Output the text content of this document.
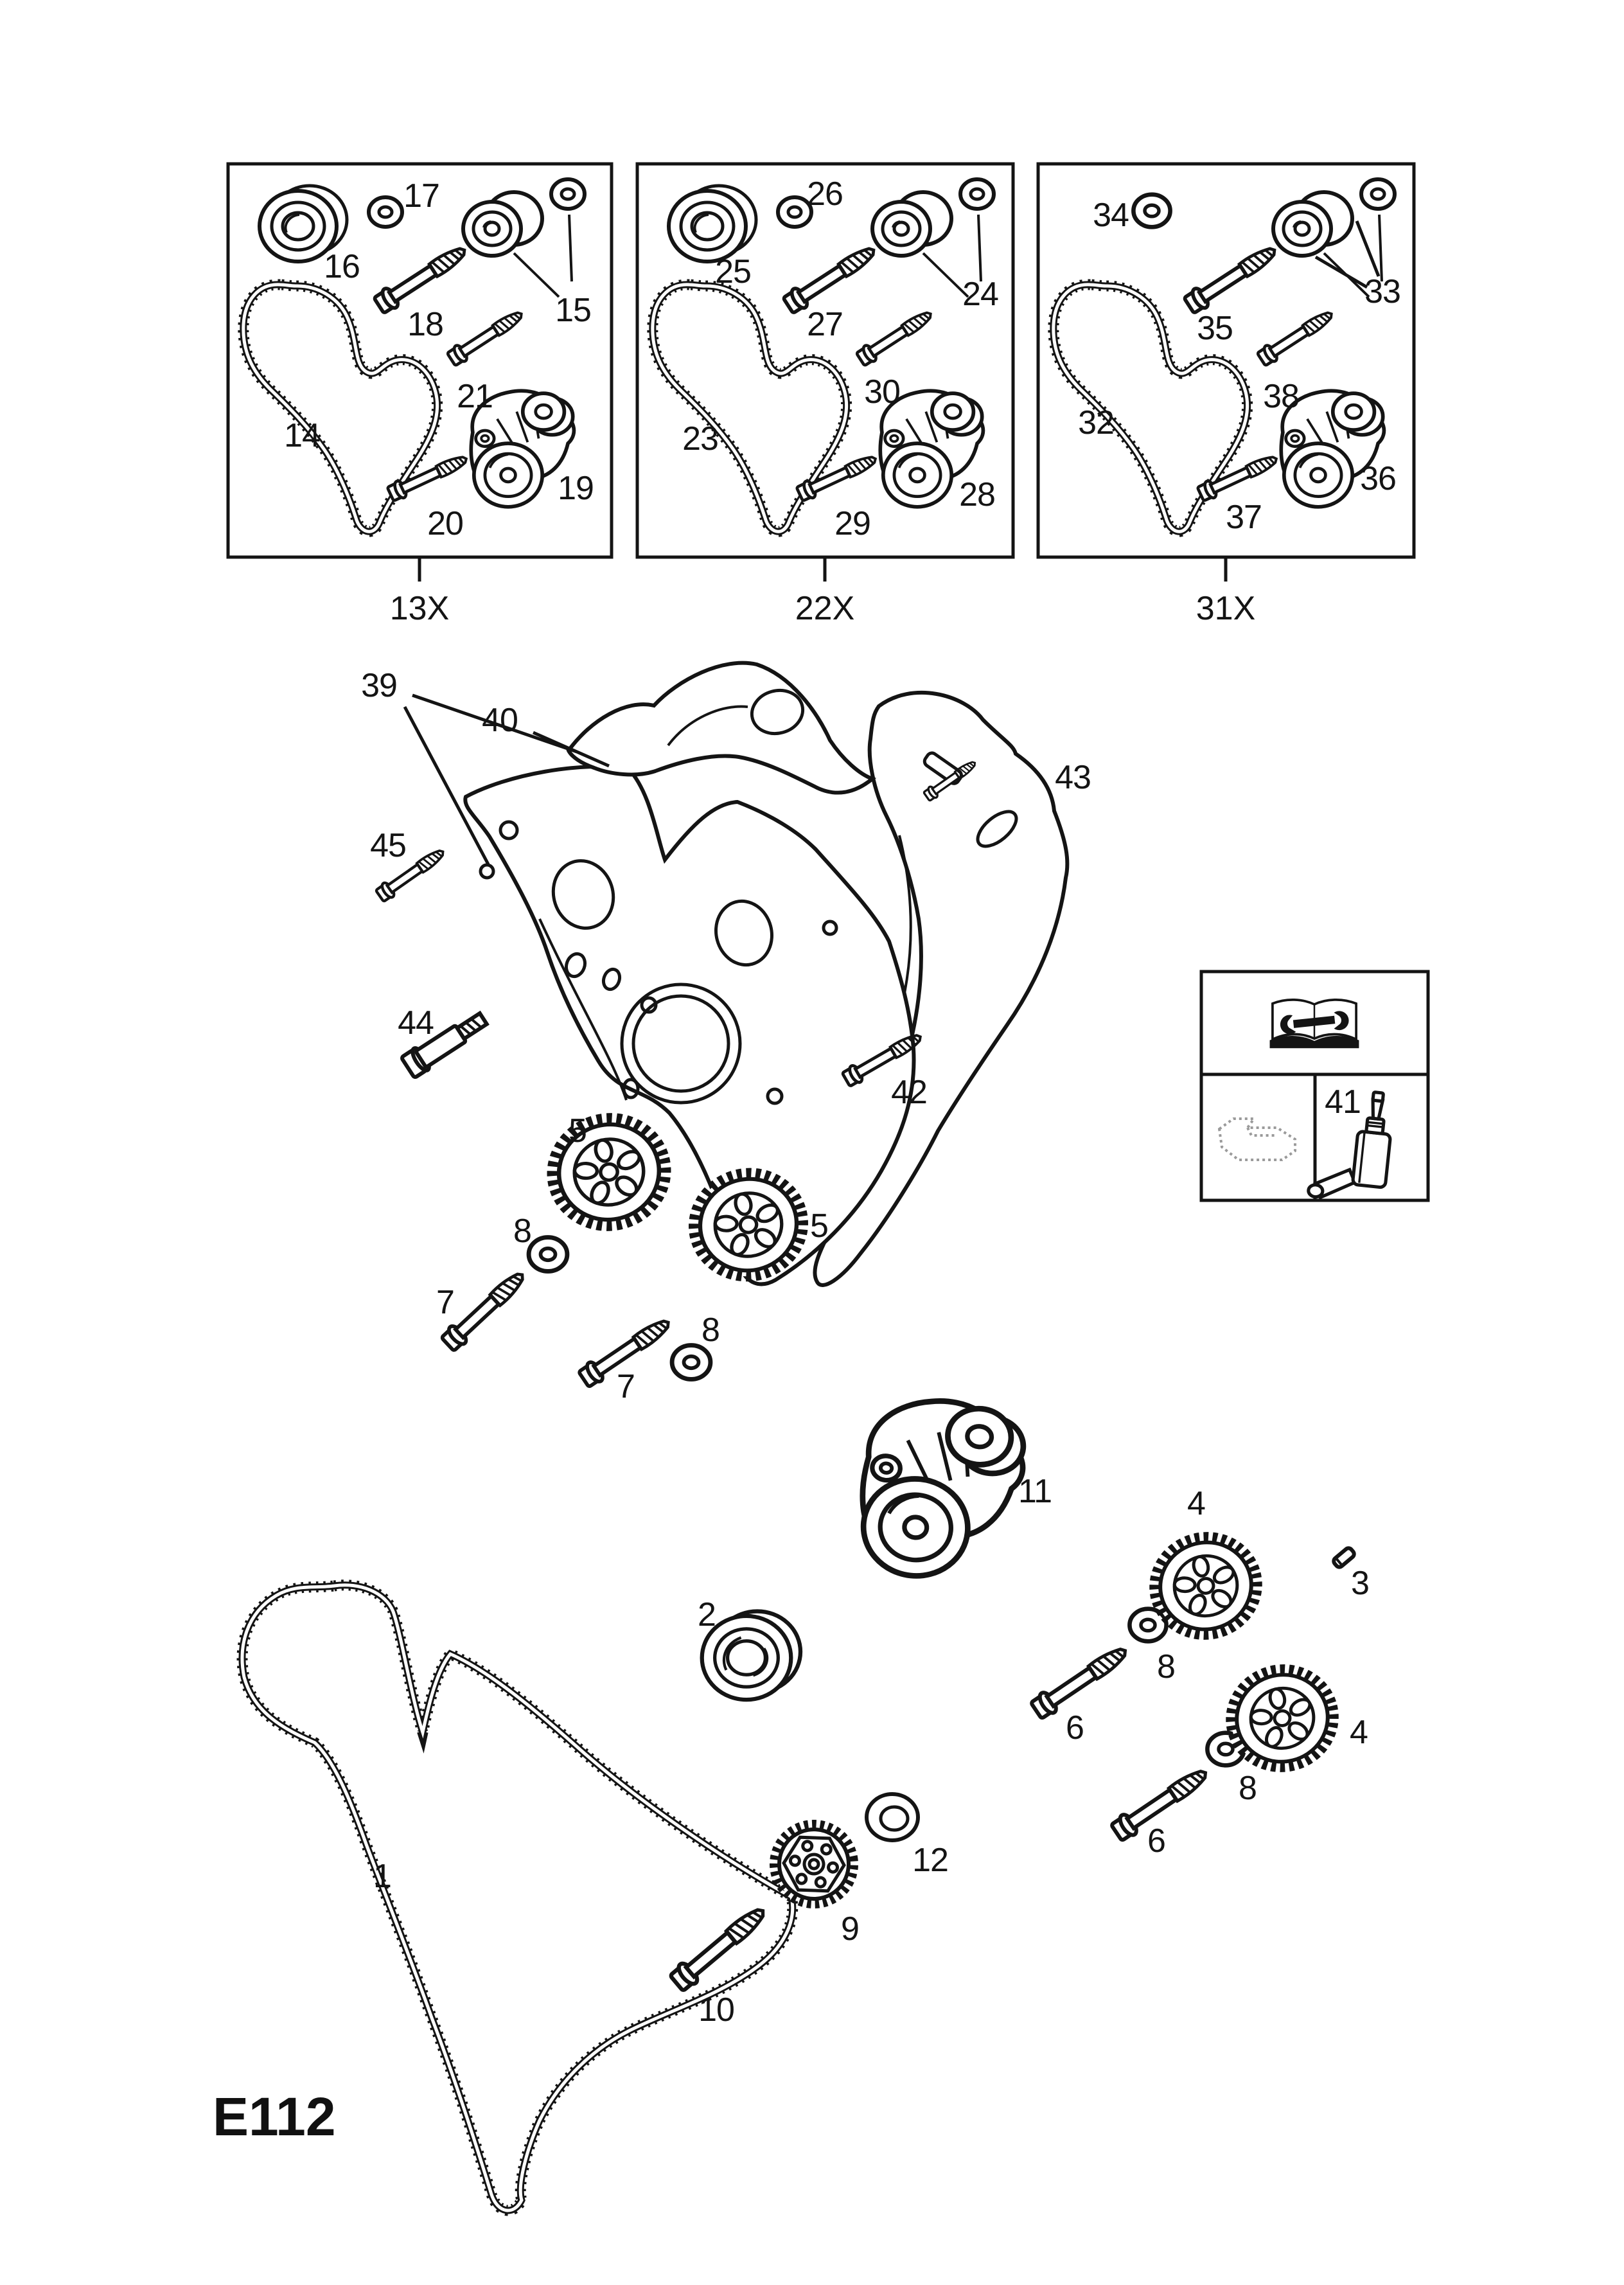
13X	22X	31X
E112
16
17
15
18
21
14
20
19
25
26
24
27
30
23
29
28
34
33
35
38
32
37
36
39
40
43
45
44
42
5
8
7
5
8
7
11	4
3
8
6	4
8
6
2
1	12
9
10
41
